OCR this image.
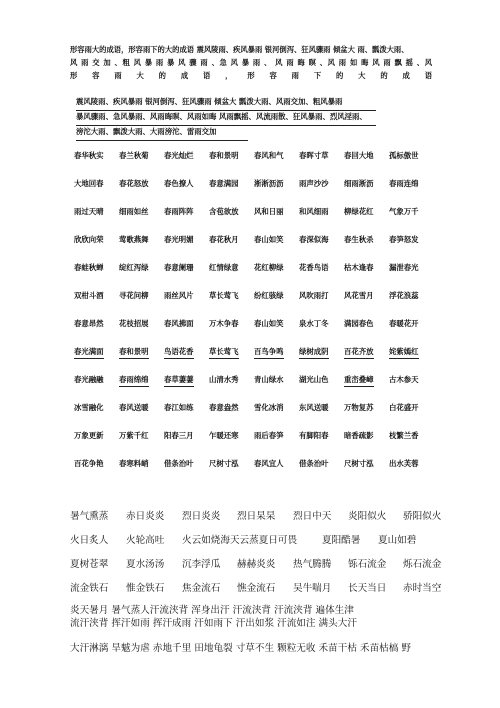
形容雨大的成语，形容雨下的大的成语 震风陵雨、疾风暴雨 银河倒泻、狂风骤雨 倾盆大 雨、瓢泼大雨、
风 雨 交 加 、粗 风 暴 雨 暴 风 骤 雨 、急 风 暴 雨 、 风 雨 晦 暝 、风 雨 如 晦 风 雨 飘 摇 、风
形 容 雨 大 的 成 语 ， 形 容 雨 下 的 大 的 成 语
震风陵雨、疾风暴雨 银河倒泻、狂风骤雨 倾盆大 瓢泼大雨、风雨交加、粗风暴雨
暴风骤雨、急风暴雨、风雨晦暝、风雨如晦 风雨飘摇、风流雨散、狂风暴雨、烈风淫雨、
滂沱大雨、飘泼大雨、大雨滂沱、雷雨交加
春华秋实 春兰秋菊 春光灿烂 春和景明 春风和气 春晖寸草 春回大地 孤标傲世
大地回春 春花怒放 春色撩人 春意满园 淅淅沥沥 雨声沙沙 细雨淅沥 春雨连绵
雨过天晴 细雨如丝 春雨阵阵 含苞欲放 风和日丽 和风细雨 柳绿花红 气象万千
欣欣向荣 莺歌燕舞 春光明媚 春花秋月 春山如笑 春深似海 春生秋杀 春笋怒发
春蛙秋蝉 绽红泻绿 春意阑珊 红情绿意 花红柳绿 花香鸟语 枯木逢春 漏泄春光
双柑斗酒 寻花问柳 雨丝风片 草长莺飞 纷红骇绿 风吹雨打 风花雪月 浮花浪蕊
春意昂然 花枝招展 春风拂面 万木争春 春山如笑 泉水丁冬 满园春色 春暖花开
春光满面 春和景明 鸟语花香 草长莺飞 百鸟争鸣 绿树成阴 百花齐放 姹紫嫣红
春光融融 春雨绵绵 春草萋萋 山清水秀 青山绿水 湖光山色 重峦叠嶂 古木参天
冰雪融化 春风送暖 春江如练 春意盎然 雪化冰消 东风送暖 万物复苏 白花盛开
万象更新 万紫千红 阳春三月 乍暖还寒 雨后春笋 有脚阳春 暗香疏影 枝繁兰香
百花争艳 春寒料峭 借条治叶 尺树寸泓 春风宜人 借条治叶 尺树寸泓 出水芙蓉
暑气熏蒸 赤日炎炎 烈日炎炎 烈日杲杲 烈日中天 炎阳似火 骄阳似火
火日炙人 火轮高吐 火云如烧海天云蒸夏日可畏	夏阳酷暑 夏山如碧
夏树苍翠 夏水汤汤 沉李浮瓜 赫赫炎炎 热气腾腾 铄石流金 烁石流金
流金铁石 惟金铁石 焦金流石 憔金流石 吴牛喘月 长天当日 赤时当空
炎天暑月 暑气蒸人汗流浃背 浑身出汗 汗流浃背 汗流浃背 遍体生津
流汗浃背 挥汗如雨 挥汗成雨 汗如雨下 汗出如浆 汗流如注 满头大汗
大汗淋漓 旱魃为虐 赤地千里 田地龟裂 寸草不生 颗粒无收 禾苗干枯 禾苗枯槁 野
